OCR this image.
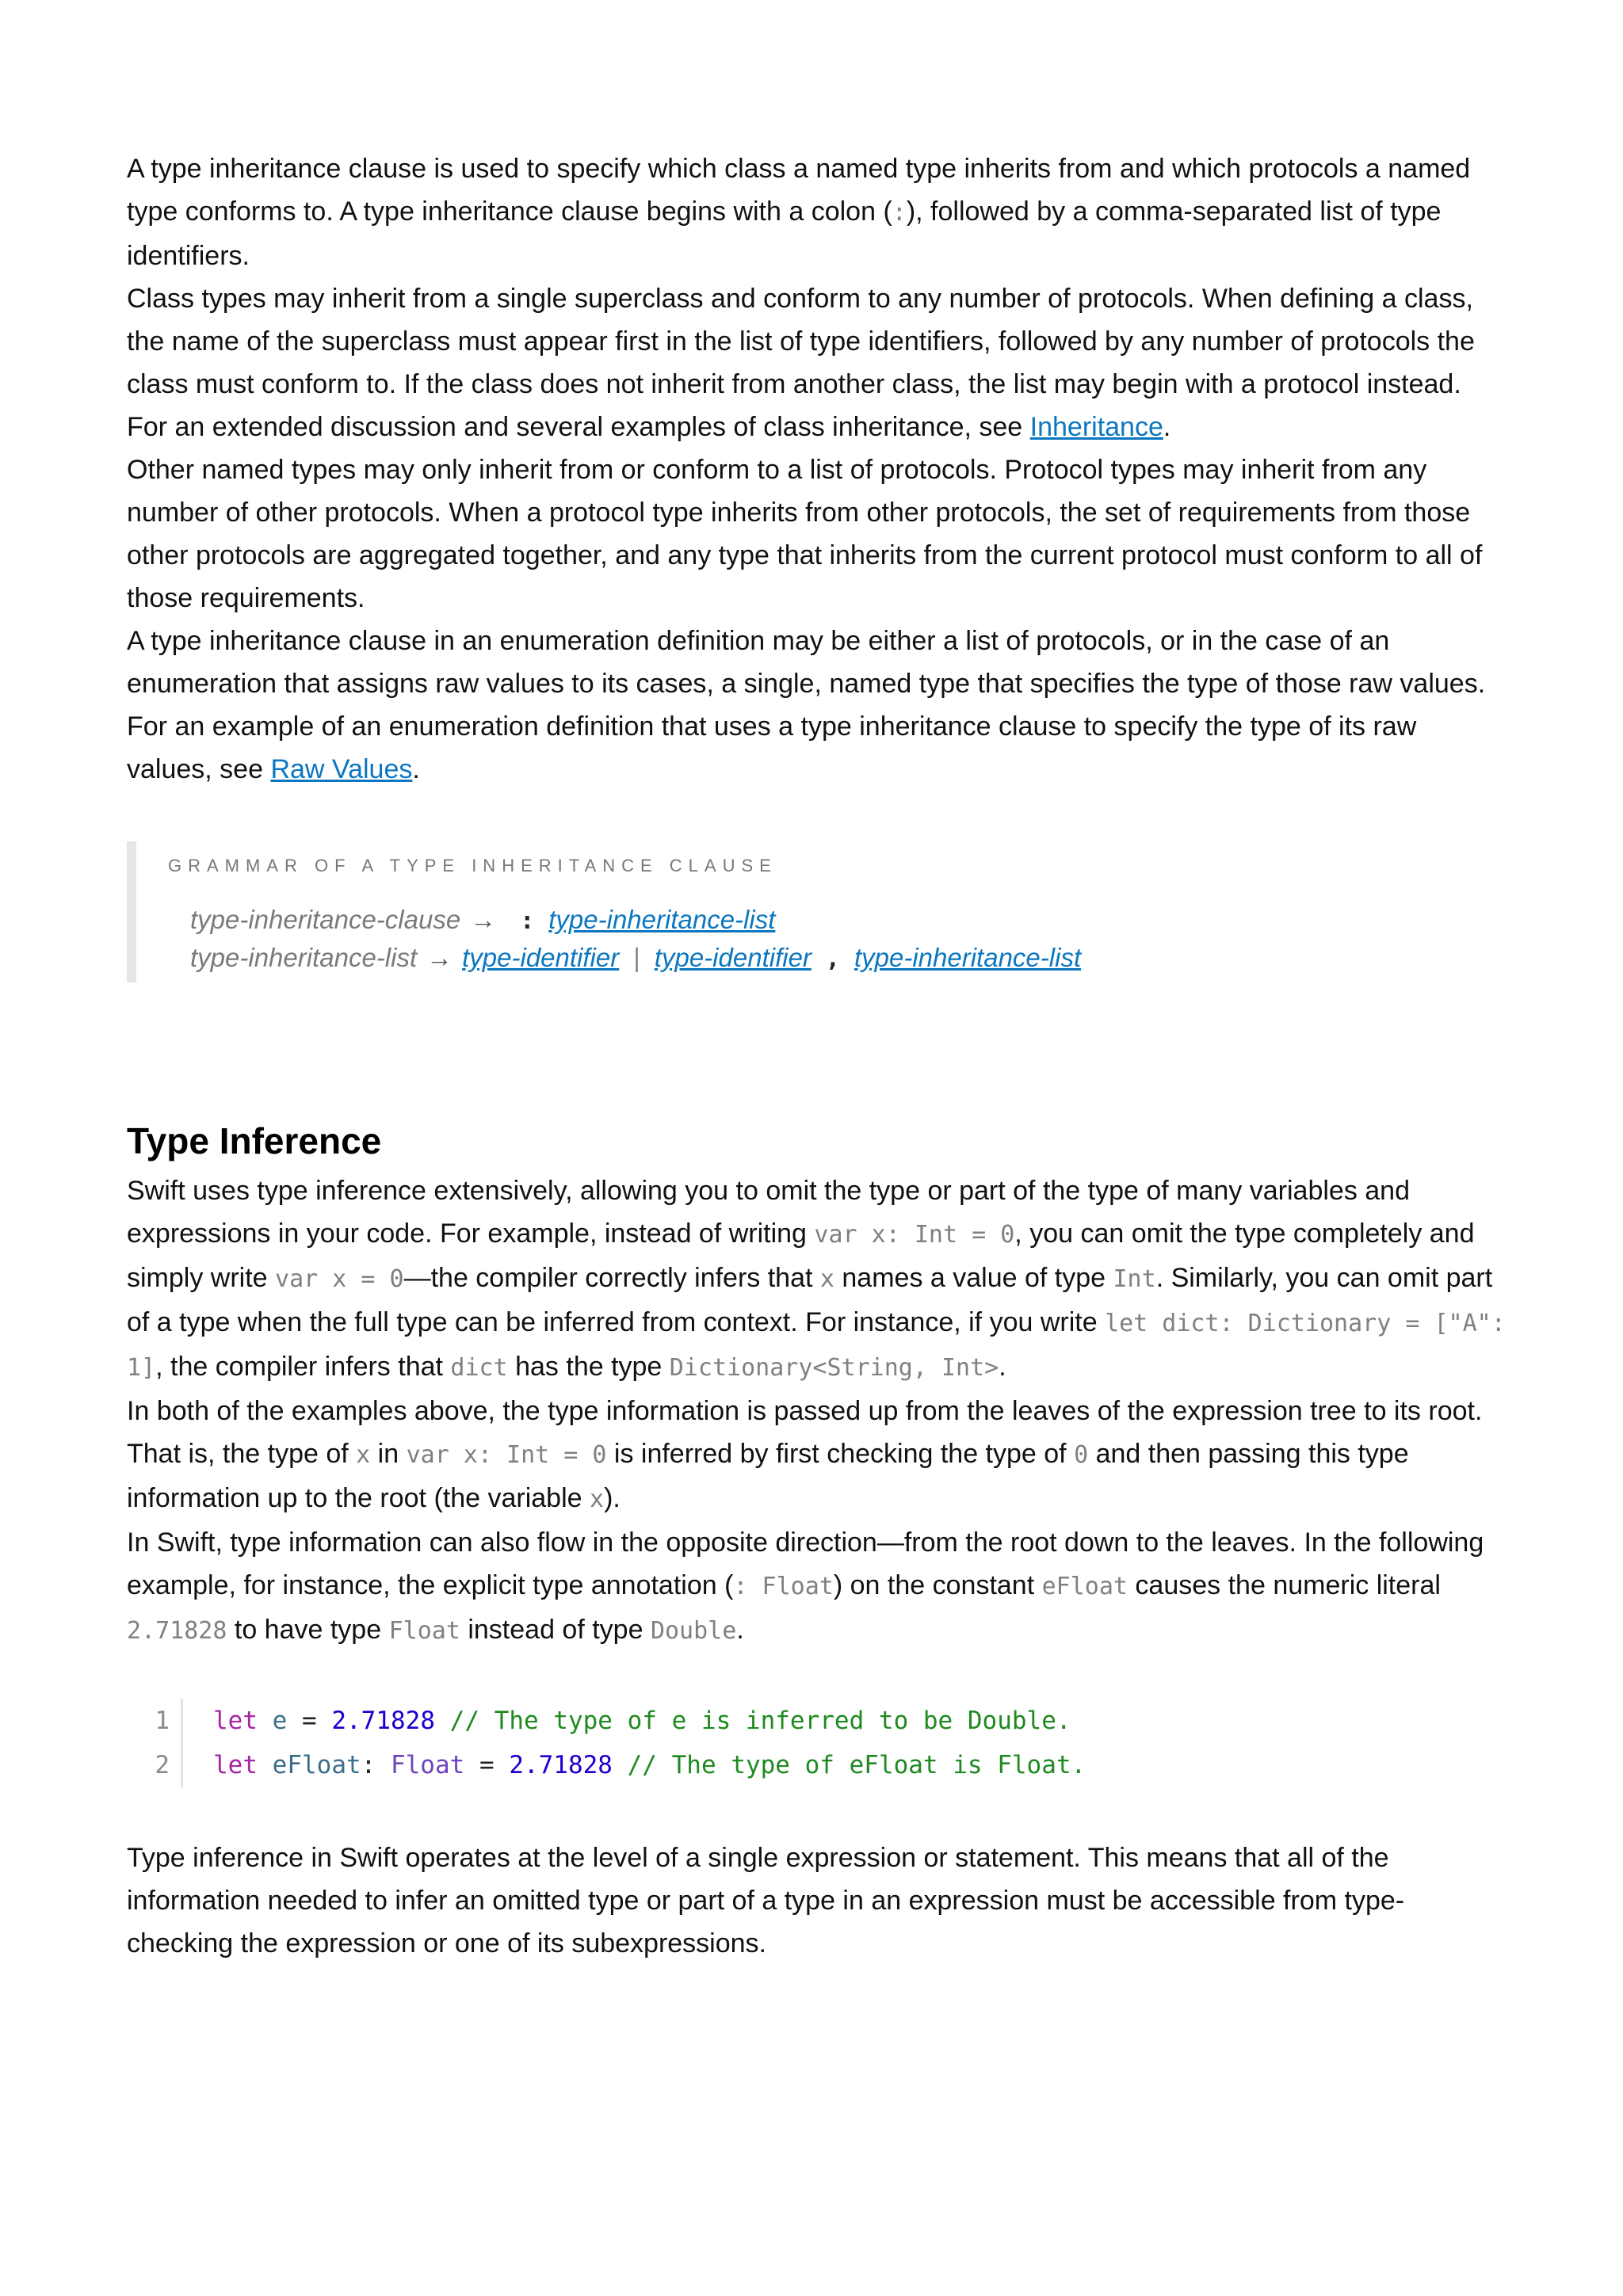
A type inheritance clause is used to specify which class a named type inherits from and which protocols a named type conforms to. A type inheritance clause begins with a colon (:), followed by a comma-separated list of type identifiers.

Class types may inherit from a single superclass and conform to any number of protocols. When defining a class, the name of the superclass must appear first in the list of type identifiers, followed by any number of protocols the class must conform to. If the class does not inherit from another class, the list may begin with a protocol instead. For an extended discussion and several examples of class inheritance, see Inheritance.

Other named types may only inherit from or conform to a list of protocols. Protocol types may inherit from any number of other protocols. When a protocol type inherits from other protocols, the set of requirements from those other protocols are aggregated together, and any type that inherits from the current protocol must conform to all of those requirements.

A type inheritance clause in an enumeration definition may be either a list of protocols, or in the case of an enumeration that assigns raw values to its cases, a single, named type that specifies the type of those raw values. For an example of an enumeration definition that uses a type inheritance clause to specify the type of its raw values, see Raw Values.

GRAMMAR OF A TYPE INHERITANCE CLAUSE
type-inheritance-clause → : type-inheritance-list
type-inheritance-list → type-identifier | type-identifier , type-inheritance-list
Type Inference

Swift uses type inference extensively, allowing you to omit the type or part of the type of many variables and expressions in your code. For example, instead of writing var x: Int = 0, you can omit the type completely and simply write var x = 0—the compiler correctly infers that x names a value of type Int. Similarly, you can omit part of a type when the full type can be inferred from context. For instance, if you write let dict: Dictionary = ["A": 1], the compiler infers that dict has the type Dictionary<String, Int>.

In both of the examples above, the type information is passed up from the leaves of the expression tree to its root. That is, the type of x in var x: Int = 0 is inferred by first checking the type of 0 and then passing this type information up to the root (the variable x).

In Swift, type information can also flow in the opposite direction—from the root down to the leaves. In the following example, for instance, the explicit type annotation (: Float) on the constant eFloat causes the numeric literal 2.71828 to have type Float instead of type Double.

1	let e = 2.71828 // The type of e is inferred to be Double.
2	let eFloat: Float = 2.71828 // The type of eFloat is Float.

Type inference in Swift operates at the level of a single expression or statement. This means that all of the information needed to infer an omitted type or part of a type in an expression must be accessible from type-checking the expression or one of its subexpressions.
